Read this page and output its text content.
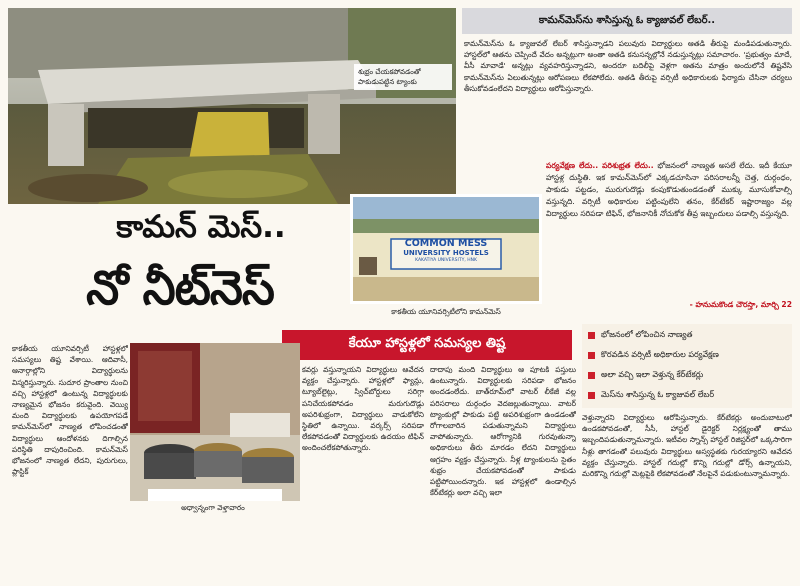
శుభ్రం చేయకపోవడంతో పాకుడుపట్టిన ట్యాంకు
కామన్‌మెస్‌ను శాసిస్తున్న ఓ క్యాజువల్ లేబర్..
కామన్‌మెస్‌ను ఓ క్యాజువల్ లేబర్ శాసిస్తున్నాడని పలువురు విద్యార్థులు ఆతడి తీరుపై మండిపడుతున్నారు. హాస్టల్‌లో ఆతను చెప్పిందే వేదం అన్నట్లుగా అంతా ఆతడి కనుసన్నల్లోనే నడుస్తున్నట్లు సమాచారం. 'ప్రభుత్వం మాదే, వీసీ మావాడే' అన్నట్లు వ్యవహరిస్తున్నాడని, అందరూ బదిలీపై వెళ్లగా ఆతను మాత్రం అందులోనే తిష్టవేసి కామన్‌మెస్‌ను ఏలుతున్నట్లు ఆరోపణలు లేకపోలేదు. ఆతడి తీరుపై వర్సిటీ అధికారులకు ఫిర్యాదు చేసినా చర్యలు తీసుకోవడంలేదని విద్యార్థులు ఆరోపిస్తున్నారు.
COMMON MESS
UNIVERSITY HOSTELS
KAKATIYA UNIVERSITY, HNK
కాకతీయ యూనివర్సిటీలోని కామన్‌మెస్
పర్యవేక్షణ లేదు.. పరిశుభ్రత లేదు.. భోజనంలో నాణ్యత అసలే లేదు. ఇదీ కేయూ హాస్టళ్ల దుస్థితి. ఇక కామన్‌మెస్‌లో ఎక్కడచూసినా పరిసరాలన్నీ చెత్త, దుర్గంధం, పాకుడు పట్టడం, మురుగుదొడ్లు కంపుకొడుతుండడంతో ముక్కు మూసుకోవాల్సి వస్తున్నది. వర్సిటీ అధికారుల పట్టింపులేని తనం, కేర్‌టేకర్ ఇష్టారాజ్యం వల్ల విద్యార్థులు సరిపడా టిఫిన్, భోజనానికీ నోచుకోక తీవ్ర ఇబ్బందులు పడాల్సి వస్తున్నది.
- హనుమకొండ చౌరస్తా, మార్చి 22
కామన్ మెస్..
నో నీట్‌నెస్
కేయూ హాస్టళ్లలో సమస్యల తిష్ట
భోజనంలో లోపించిన నాణ్యత
కొరవడిన వర్సిటీ అధికారుల పర్యవేక్షణ
అలా వచ్చి ఇలా వెళ్తున్న కేర్‌టేకర్లు
మెస్‌ను శాసిస్తున్న ఓ క్యాజువల్ లేబర్
కాకతీయ యూనివర్సిటీ హాస్టళ్లలో సమస్యలు తిష్ట వేశాయి. ఆదివాసీ, ఆనార్గాల్లోని విద్యార్థులను విస్మరిస్తున్నారు. సుదూర ప్రాంతాల నుంచి వచ్చి హాస్టళ్లలో ఉంటున్న విద్యార్థులకు నాణ్యమైన భోజనం కరువైంది. వెయ్యి మంది విద్యార్థులకు ఉపయోగపడే కామన్‌మెస్‌లో నాణ్యత లోపించడంతో విద్యార్థులు ఆందోళనకు దిగాల్సిన పరిస్థితి దాపురించింది. కామన్‌మెస్ భోజనంలో నాణ్యత లేదని, పురుగులు, ప్లాస్టిక్
అధ్వాన్నంగా వెళ్తావారం
కవర్లు వస్తున్నాయని విద్యార్థులు ఆవేదన వ్యక్తం చేస్తున్నారు. హాస్టళ్లలో ఫ్యాన్లు, ట్యూబ్‌లైట్లు, స్విచ్‌బోర్డులు సరిగ్గా పనిచేయకపోవడం మరుగుదొడ్లు అపరిశుభ్రంగా, విద్యార్థులు వాడుకోలేని స్థితిలో ఉన్నాయి. వర్కర్స్ సరిపడా లేకపోవడంతో విద్యార్థులకు ఉదయం టిఫిన్ అందించలేకపోతున్నారు.
దాదాపు మంది విద్యార్థులు ఆ పూటకి పస్తులు ఉంటున్నారు. విద్యార్థులకు సరిపడా భోజనం అందడంలేదు. బాత్‌రూమ్‌లో వాటర్ లీకేజీ వల్ల పరిసరాలు దుర్గంధం వెదజల్లుతున్నాయి. వాటర్ ట్యాంకుల్లో పాకుడు పట్టి అపరిశుభ్రంగా ఉండడంతో రోగాలబారిన పడుతున్నామని విద్యార్థులు వాపోతున్నారు. ఆరోగ్యానికి గురవుతున్నా అధికారులు తీరు మారడం లేదని విద్యార్థులు ఆగ్రహం వ్యక్తం చేస్తున్నారు. నీళ్ల ట్యాంకులను సైతం శుభ్రం చేయకపోవడంతో పాకుడు పట్టిపోయిందన్నారు. ఇక హాస్టళ్లలో ఉండాల్సిన కేర్‌టేకర్లు అలా వచ్చి ఇలా
వెళ్తున్నారని విద్యార్థులు ఆరోపిస్తున్నారు. కేర్‌టేకర్లు అందుబాటులో ఉండకపోవడంతో, సీసీ, హాస్టల్ డైరెక్టర్ నిర్లక్ష్యంతో తాము ఇబ్బందిపడుతున్నామన్నారు. ఇటీవల స్నాన్స్ హాస్టల్ రిజిస్టర్‌లో ఒక్కసారిగా నీళ్లు తాగడంతో పలువురు విద్యార్థులు అస్వస్థతకు గురయ్యారని ఆవేదన వ్యక్తం చేస్తున్నారు. హాస్టల్ గదుల్లో కొన్ని గదుల్లో డోర్స్ ఉన్నాయని, మరికొన్ని గదుల్లో మెట్లపైకి లేకపోవడంతో నేలపైనే పడుకుంటున్నామన్నారు.
